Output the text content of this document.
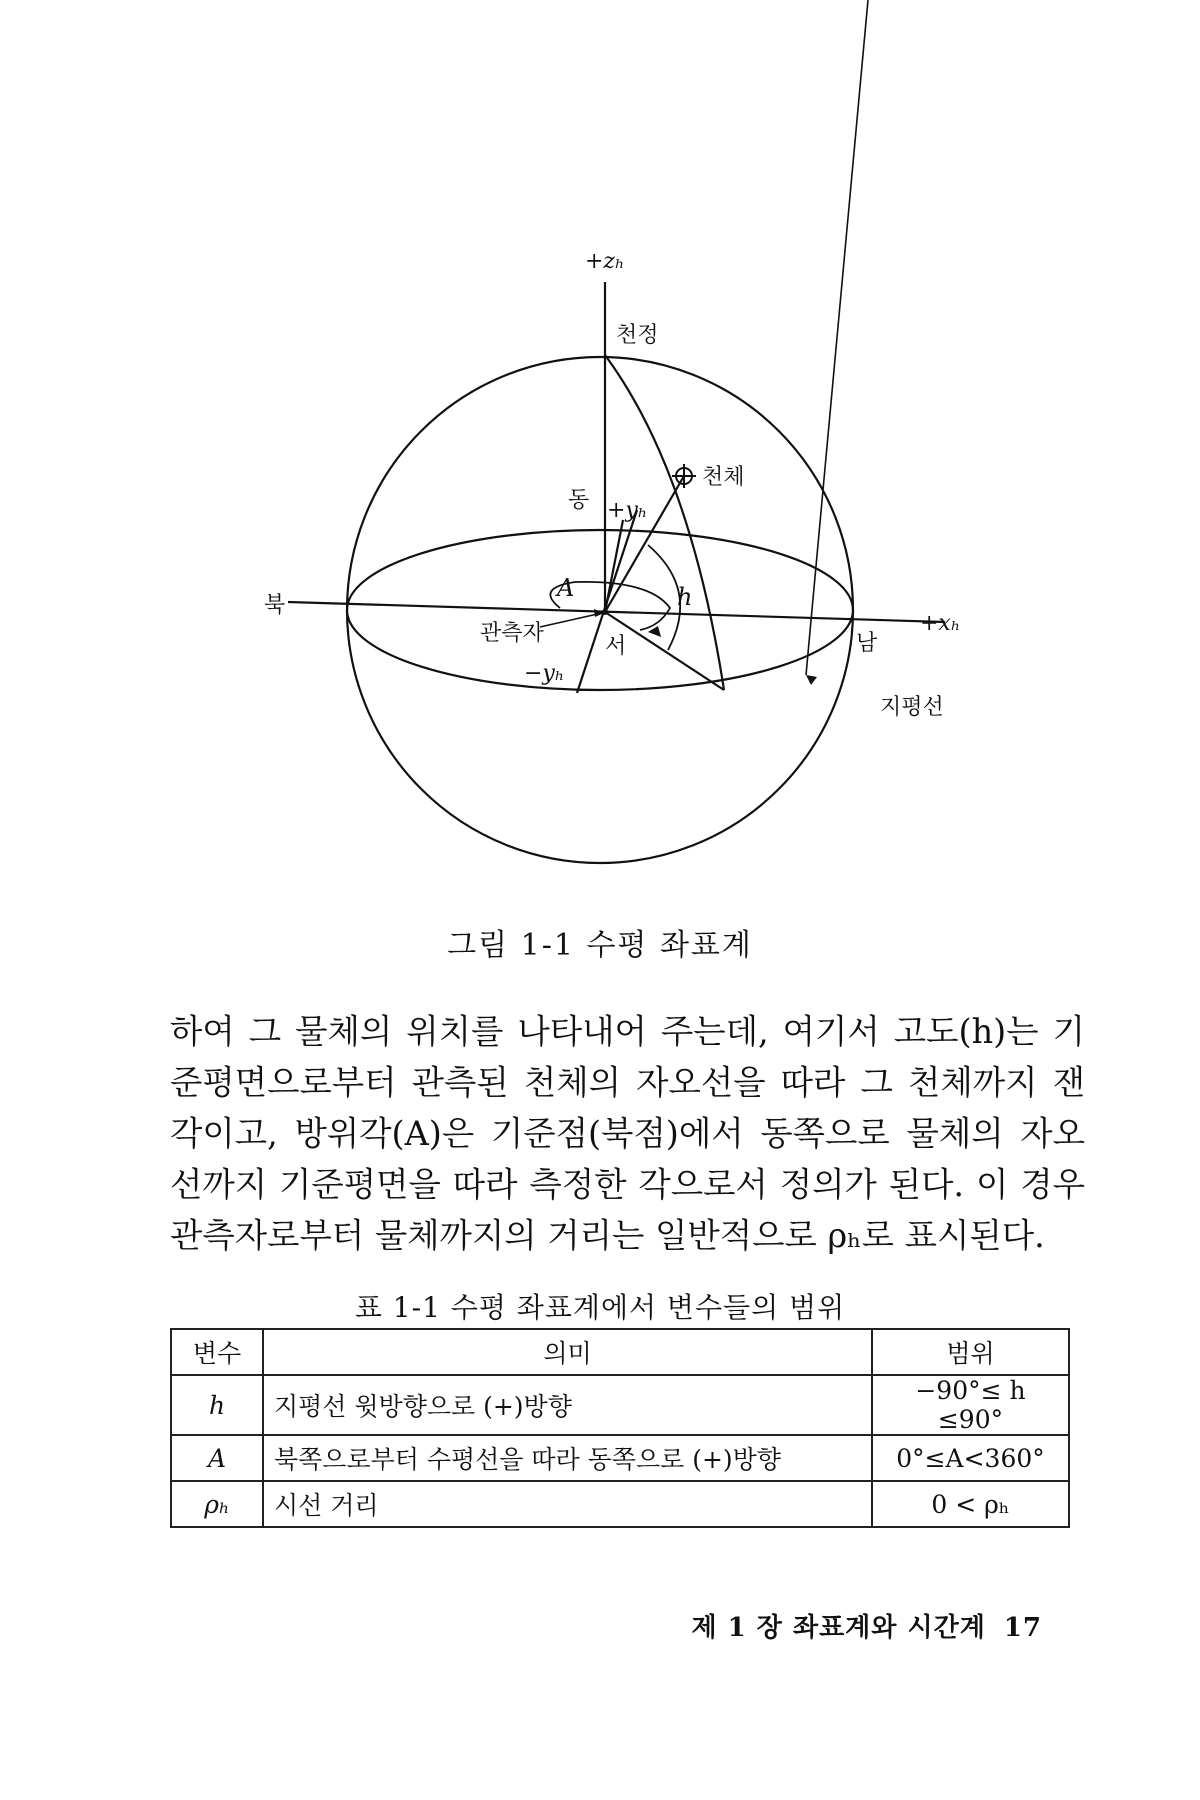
+zₕ
천정
천체
동 +yₕ
A	h
북
+xₕ
관측자
서
−yₕ
남
지평선
그림 1-1 수평 좌표계

하여 그 물체의 위치를 나타내어 주는데, 여기서 고도(h)는 기준평면으로부터 관측된 천체의 자오선을 따라 그 천체까지 잰 각이고, 방위각(A)은 기준점(북점)에서 동쪽으로 물체의 자오선까지 기준평면을 따라 측정한 각으로서 정의가 된다. 이 경우 관측자로부터 물체까지의 거리는 일반적으로 ρₕ로 표시된다.

표 1-1 수평 좌표계에서 변수들의 범위
변수	의미	범위
h	지평선 윗방향으로 (+)방향	−90°≤ h ≤90°
A	북쪽으로부터 수평선을 따라 동쪽으로 (+)방향	0°≤A<360°
ρₕ	시선 거리	0 < ρₕ
제 1 장 좌표계와 시간계 17
